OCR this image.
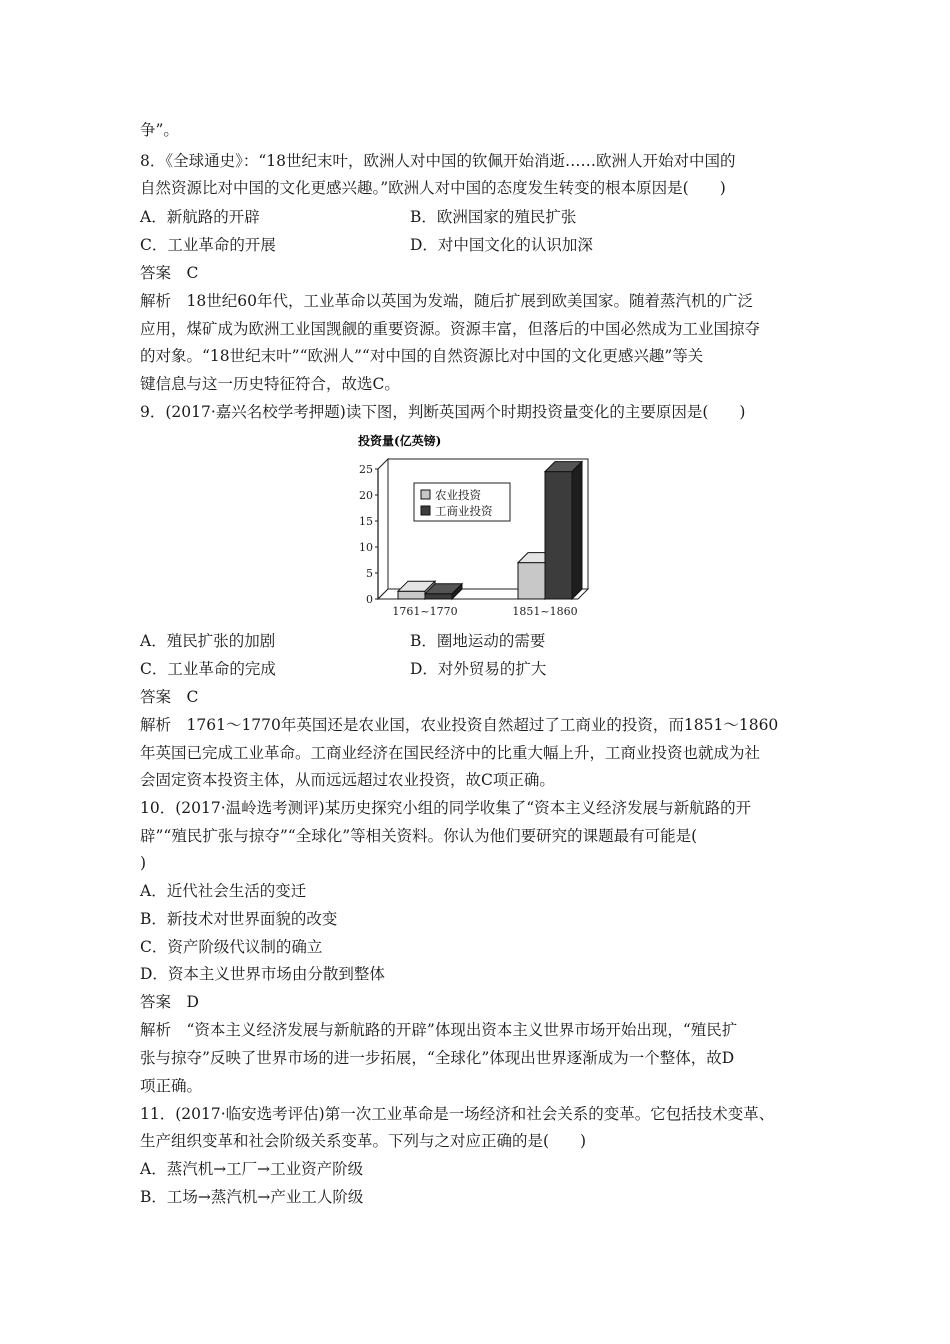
争”。
8．《全球通史》：“18世纪末叶，欧洲人对中国的钦佩开始消逝……欧洲人开始对中国的
自然资源比对中国的文化更感兴趣。”欧洲人对中国的态度发生转变的根本原因是(　　)
A．新航路的开辟	B．欧洲国家的殖民扩张
C．工业革命的开展	D．对中国文化的认识加深
答案　C
解析　18世纪60年代，工业革命以英国为发端，随后扩展到欧美国家。随着蒸汽机的广泛
应用，煤矿成为欧洲工业国觊觎的重要资源。资源丰富，但落后的中国必然成为工业国掠夺
的对象。“18世纪末叶”“欧洲人”“对中国的自然资源比对中国的文化更感兴趣”等关
键信息与这一历史特征符合，故选C。
9．(2017·嘉兴名校学考押题)读下图，判断英国两个时期投资量变化的主要原因是(　　)
投资量(亿英镑)
0
5
10
15
20
25
1761~1770	1851~1860
农业投资
工商业投资
A．殖民扩张的加剧	B．圈地运动的需要
C．工业革命的完成	D．对外贸易的扩大
答案　C
解析　1761～1770年英国还是农业国，农业投资自然超过了工商业的投资，而1851～1860
年英国已完成工业革命。工商业经济在国民经济中的比重大幅上升，工商业投资也就成为社
会固定资本投资主体，从而远远超过农业投资，故C项正确。
10．(2017·温岭选考测评)某历史探究小组的同学收集了“资本主义经济发展与新航路的开
辟”“殖民扩张与掠夺”“全球化”等相关资料。你认为他们要研究的课题最有可能是(
)
A．近代社会生活的变迁
B．新技术对世界面貌的改变
C．资产阶级代议制的确立
D．资本主义世界市场由分散到整体
答案　D
解析　“资本主义经济发展与新航路的开辟”体现出资本主义世界市场开始出现，“殖民扩
张与掠夺”反映了世界市场的进一步拓展，“全球化”体现出世界逐渐成为一个整体，故D
项正确。
11．(2017·临安选考评估)第一次工业革命是一场经济和社会关系的变革。它包括技术变革、
生产组织变革和社会阶级关系变革。下列与之对应正确的是(　　)
A．蒸汽机→工厂→工业资产阶级
B．工场→蒸汽机→产业工人阶级
